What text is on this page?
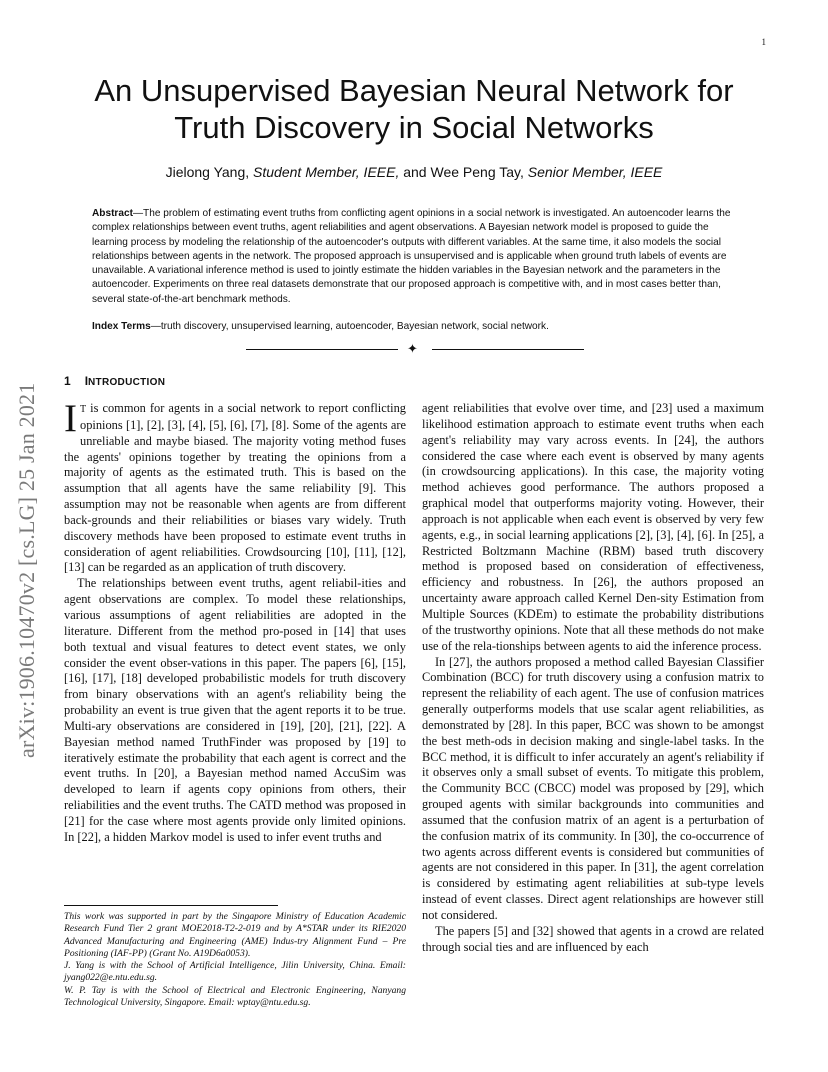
1
arXiv:1906.10470v2 [cs.LG] 25 Jan 2021
An Unsupervised Bayesian Neural Network for
Truth Discovery in Social Networks
Jielong Yang, Student Member, IEEE, and Wee Peng Tay, Senior Member, IEEE
Abstract—The problem of estimating event truths from conflicting agent opinions in a social network is investigated. An autoencoder learns the complex relationships between event truths, agent reliabilities and agent observations. A Bayesian network model is proposed to guide the learning process by modeling the relationship of the autoencoder's outputs with different variables. At the same time, it also models the social relationships between agents in the network. The proposed approach is unsupervised and is applicable when ground truth labels of events are unavailable. A variational inference method is used to jointly estimate the hidden variables in the Bayesian network and the parameters in the autoencoder. Experiments on three real datasets demonstrate that our proposed approach is competitive with, and in most cases better than, several state-of-the-art benchmark methods.
Index Terms—truth discovery, unsupervised learning, autoencoder, Bayesian network, social network.
✦
1 INTRODUCTION

I T is common for agents in a social network to report conflicting opinions [1], [2], [3], [4], [5], [6], [7], [8]. Some of the agents are unreliable and maybe biased. The majority voting method fuses the agents' opinions together by treating the opinions from a majority of agents as the estimated truth. This is based on the assumption that all agents have the same reliability [9]. This assumption may not be reasonable when agents are from different back-grounds and their reliabilities or biases vary widely. Truth discovery methods have been proposed to estimate event truths in consideration of agent reliabilities. Crowdsourcing [10], [11], [12], [13] can be regarded as an application of truth discovery.

The relationships between event truths, agent reliabil-ities and agent observations are complex. To model these relationships, various assumptions of agent reliabilities are adopted in the literature. Different from the method pro-posed in [14] that uses both textual and visual features to detect event states, we only consider the event obser-vations in this paper. The papers [6], [15], [16], [17], [18] developed probabilistic models for truth discovery from binary observations with an agent's reliability being the probability an event is true given that the agent reports it to be true. Multi-ary observations are considered in [19], [20], [21], [22]. A Bayesian method named TruthFinder was proposed by [19] to iteratively estimate the probability that each agent is correct and the event truths. In [20], a Bayesian method named AccuSim was developed to learn if agents copy opinions from others, their reliabilities and the event truths. The CATD method was proposed in [21] for the case where most agents provide only limited opinions. In [22], a hidden Markov model is used to infer event truths and

This work was supported in part by the Singapore Ministry of Education Academic Research Fund Tier 2 grant MOE2018-T2-2-019 and by A*STAR under its RIE2020 Advanced Manufacturing and Engineering (AME) Indus-try Alignment Fund – Pre Positioning (IAF-PP) (Grant No. A19D6a0053).

J. Yang is with the School of Artificial Intelligence, Jilin University, China. Email: jyang022@e.ntu.edu.sg.

W. P. Tay is with the School of Electrical and Electronic Engineering, Nanyang Technological University, Singapore. Email: wptay@ntu.edu.sg.

agent reliabilities that evolve over time, and [23] used a maximum likelihood estimation approach to estimate event truths when each agent's reliability may vary across events. In [24], the authors considered the case where each event is observed by many agents (in crowdsourcing applications). In this case, the majority voting method achieves good performance. The authors proposed a graphical model that outperforms majority voting. However, their approach is not applicable when each event is observed by very few agents, e.g., in social learning applications [2], [3], [4], [6]. In [25], a Restricted Boltzmann Machine (RBM) based truth discovery method is proposed based on consideration of effectiveness, efficiency and robustness. In [26], the authors proposed an uncertainty aware approach called Kernel Den-sity Estimation from Multiple Sources (KDEm) to estimate the probability distributions of the trustworthy opinions. Note that all these methods do not make use of the rela-tionships between agents to aid the inference process.

In [27], the authors proposed a method called Bayesian Classifier Combination (BCC) for truth discovery using a confusion matrix to represent the reliability of each agent. The use of confusion matrices generally outperforms models that use scalar agent reliabilities, as demonstrated by [28]. In this paper, BCC was shown to be amongst the best meth-ods in decision making and single-label tasks. In the BCC method, it is difficult to infer accurately an agent's reliability if it observes only a small subset of events. To mitigate this problem, the Community BCC (CBCC) model was proposed by [29], which grouped agents with similar backgrounds into communities and assumed that the confusion matrix of an agent is a perturbation of the confusion matrix of its community. In [30], the co-occurrence of two agents across different events is considered but communities of agents are not considered in this paper. In [31], the agent correlation is considered by estimating agent reliabilities at sub-type levels instead of event classes. Direct agent relationships are however still not considered.

The papers [5] and [32] showed that agents in a crowd are related through social ties and are influenced by each
